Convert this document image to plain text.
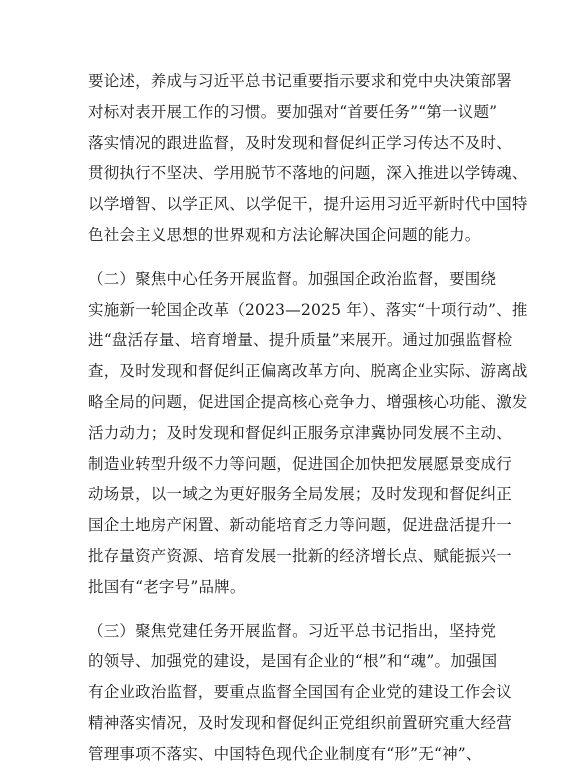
要论述，养成与习近平总书记重要指示要求和党中央决策部署
对标对表开展工作的习惯。要加强对“首要任务”“第一议题”
落实情况的跟进监督，及时发现和督促纠正学习传达不及时、
贯彻执行不坚决、学用脱节不落地的问题，深入推进以学铸魂、
以学增智、以学正风、以学促干，提升运用习近平新时代中国特
色社会主义思想的世界观和方法论解决国企问题的能力。
（二）聚焦中心任务开展监督。加强国企政治监督，要围绕
实施新一轮国企改革（2023—2025 年）、落实“十项行动”、推
进“盘活存量、培育增量、提升质量”来展开。通过加强监督检
查，及时发现和督促纠正偏离改革方向、脱离企业实际、游离战
略全局的问题，促进国企提高核心竞争力、增强核心功能、激发
活力动力；及时发现和督促纠正服务京津冀协同发展不主动、
制造业转型升级不力等问题，促进国企加快把发展愿景变成行
动场景，以一域之为更好服务全局发展；及时发现和督促纠正
国企土地房产闲置、新动能培育乏力等问题，促进盘活提升一
批存量资产资源、培育发展一批新的经济增长点、赋能振兴一
批国有“老字号”品牌。
（三）聚焦党建任务开展监督。习近平总书记指出，坚持党
的领导、加强党的建设，是国有企业的“根”和“魂”。加强国
有企业政治监督，要重点监督全国国有企业党的建设工作会议
精神落实情况，及时发现和督促纠正党组织前置研究重大经营
管理事项不落实、中国特色现代企业制度有“形”无“神”、
